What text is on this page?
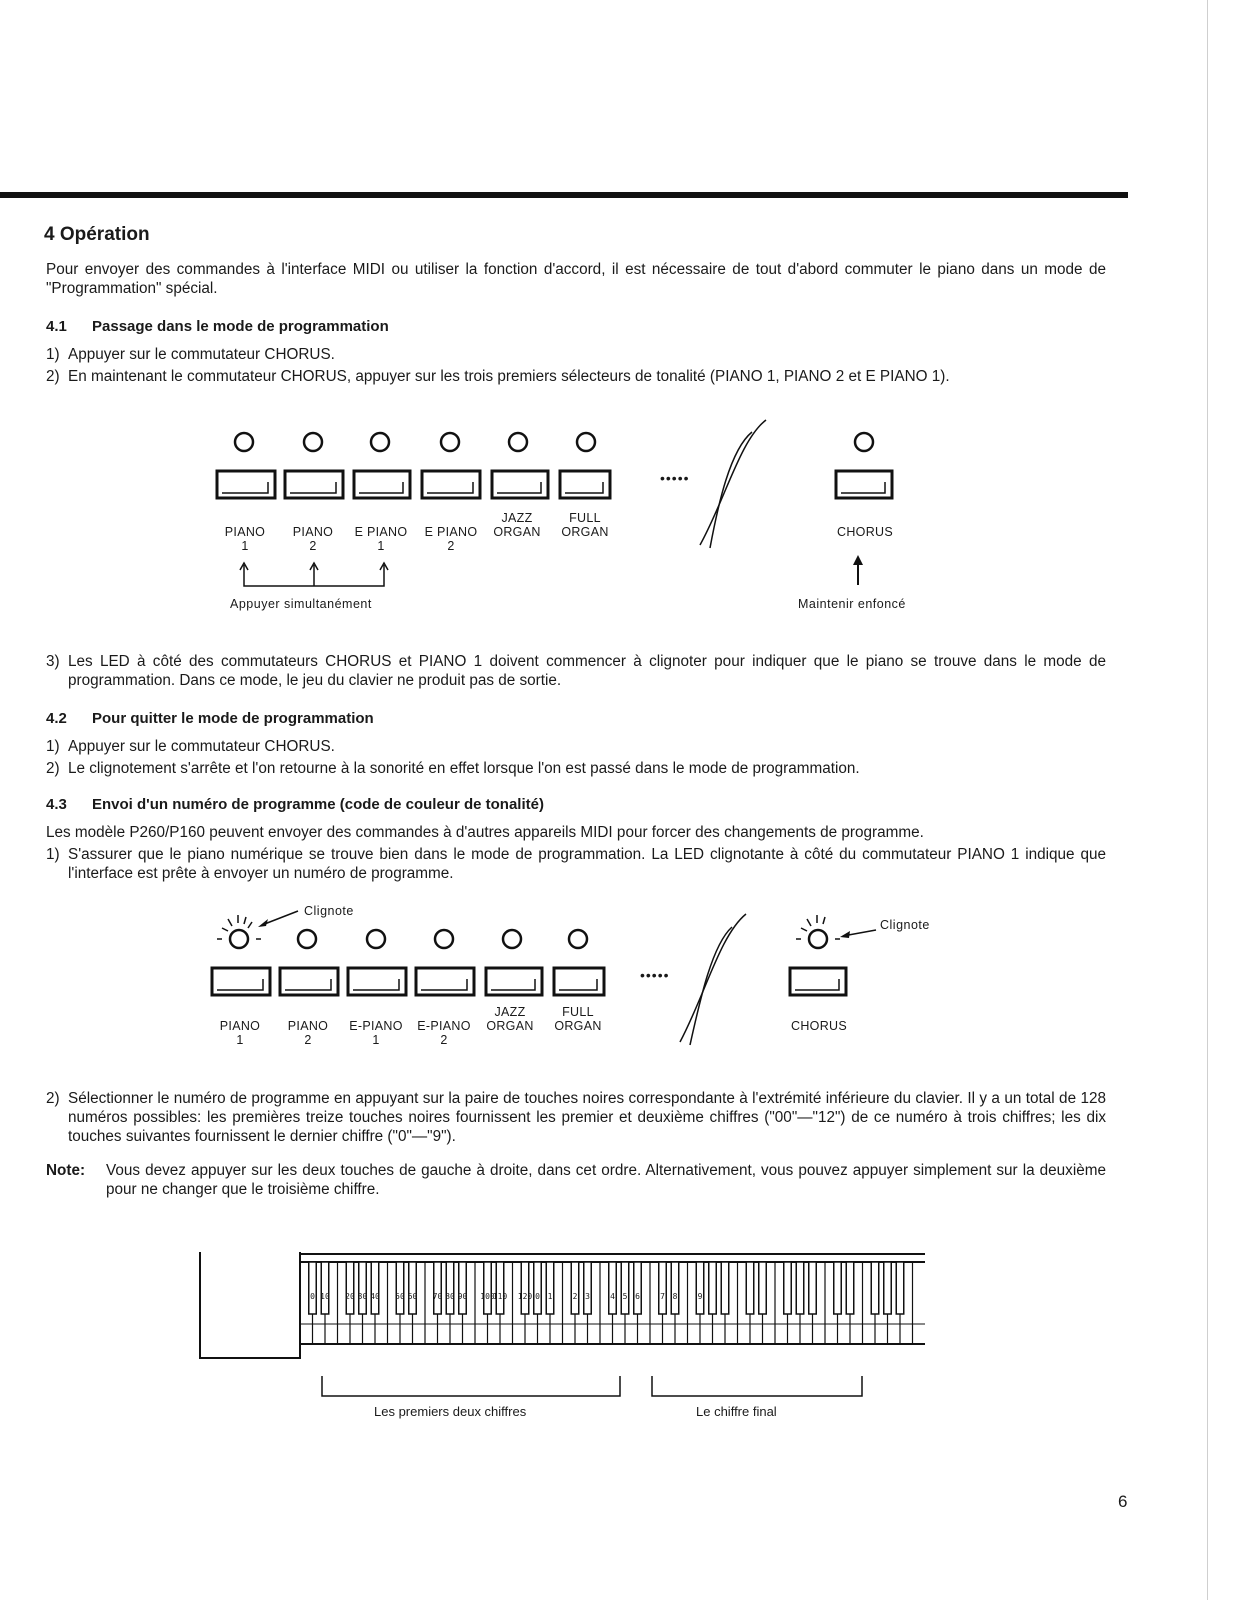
4 Opération

Pour envoyer des commandes à l'interface MIDI ou utiliser la fonction d'accord, il est nécessaire de tout d'abord commuter le piano dans un mode de "Programmation" spécial.

4.1 Passage dans le mode de programmation
1) Appuyer sur le commutateur CHORUS.
2) En maintenant le commutateur CHORUS, appuyer sur les trois premiers sélecteurs de tonalité (PIANO 1, PIANO 2 et E PIANO 1).
•••••
PIANO
1
PIANO
2
E PIANO
1
E PIANO
2
JAZZ
ORGAN
FULL
ORGAN	CHORUS
Appuyer simultanément	Maintenir enfoncé
3) Les LED à côté des commutateurs CHORUS et PIANO 1 doivent commencer à clignoter pour indiquer que le piano se trouve dans le mode de programmation. Dans ce mode, le jeu du clavier ne produit pas de sortie.
4.2 Pour quitter le mode de programmation
1) Appuyer sur le commutateur CHORUS.
2) Le clignotement s'arrête et l'on retourne à la sonorité en effet lorsque l'on est passé dans le mode de programmation.
4.3 Envoi d'un numéro de programme (code de couleur de tonalité)

Les modèle P260/P160 peuvent envoyer des commandes à d'autres appareils MIDI pour forcer des changements de programme.

1) S'assurer que le piano numérique se trouve bien dans le mode de programmation. La LED clignotante à côté du commutateur PIANO 1 indique que l'interface est prête à envoyer un numéro de programme.
Clignote
Clignote
•••••
PIANO
1
PIANO
2
E-PIANO
1
E-PIANO
2
JAZZ
ORGAN
FULL
ORGAN	CHORUS
2) Sélectionner le numéro de programme en appuyant sur la paire de touches noires correspondante à l'extrémité inférieure du clavier. Il y a un total de 128 numéros possibles: les premières treize touches noires fournissent les premier et deuxième chiffres ("00"—"12") de ce numéro à trois chiffres; les dix touches suivantes fournissent le dernier chiffre ("0"—"9").
Note:	Vous devez appuyer sur les deux touches de gauche à droite, dans cet ordre. Alternativement, vous pouvez appuyer simplement sur la deuxième pour ne changer que le troisième chiffre.
0 10	20 30 40	50 60	70 80 90	100
110	120 0 1	2 3	4 5 6	7 8	9
Les premiers deux chiffres	Le chiffre final
6
